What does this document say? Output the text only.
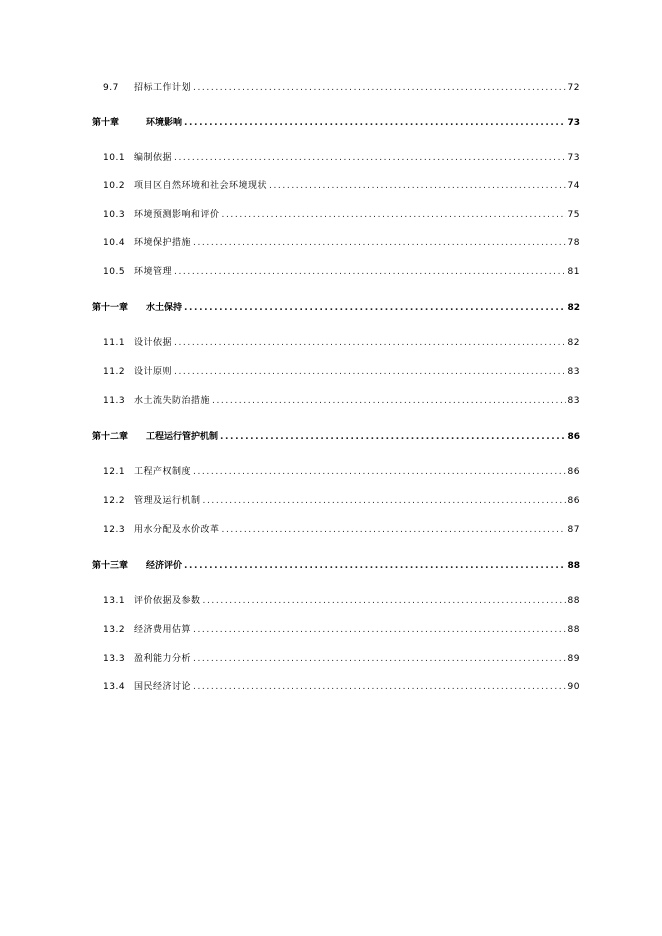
9.7	招标工作计划 .....	72
第十章	环境影响 .....	73
10.1 编制依据 .....	73
10.2 项目区自然环境和社会环境现状 .....	74
10.3 环境预测影响和评价 .....	75
10.4 环境保护措施 .....	78
10.5 环境管理 .....	81
第十一章	水土保持 .....	82
11.1 设计依据 .....	82
11.2 设计原则 .....	83
11.3 水土流失防治措施 .....	83
第十二章	工程运行管护机制 .....	86
12.1 工程产权制度 .....	86
12.2 管理及运行机制 .....	86
12.3 用水分配及水价改革 .....	87
第十三章	经济评价 .....	88
13.1 评价依据及参数 .....	88
13.2 经济费用估算 .....	88
13.3 盈利能力分析 .....	89
13.4 国民经济讨论 .....	90
